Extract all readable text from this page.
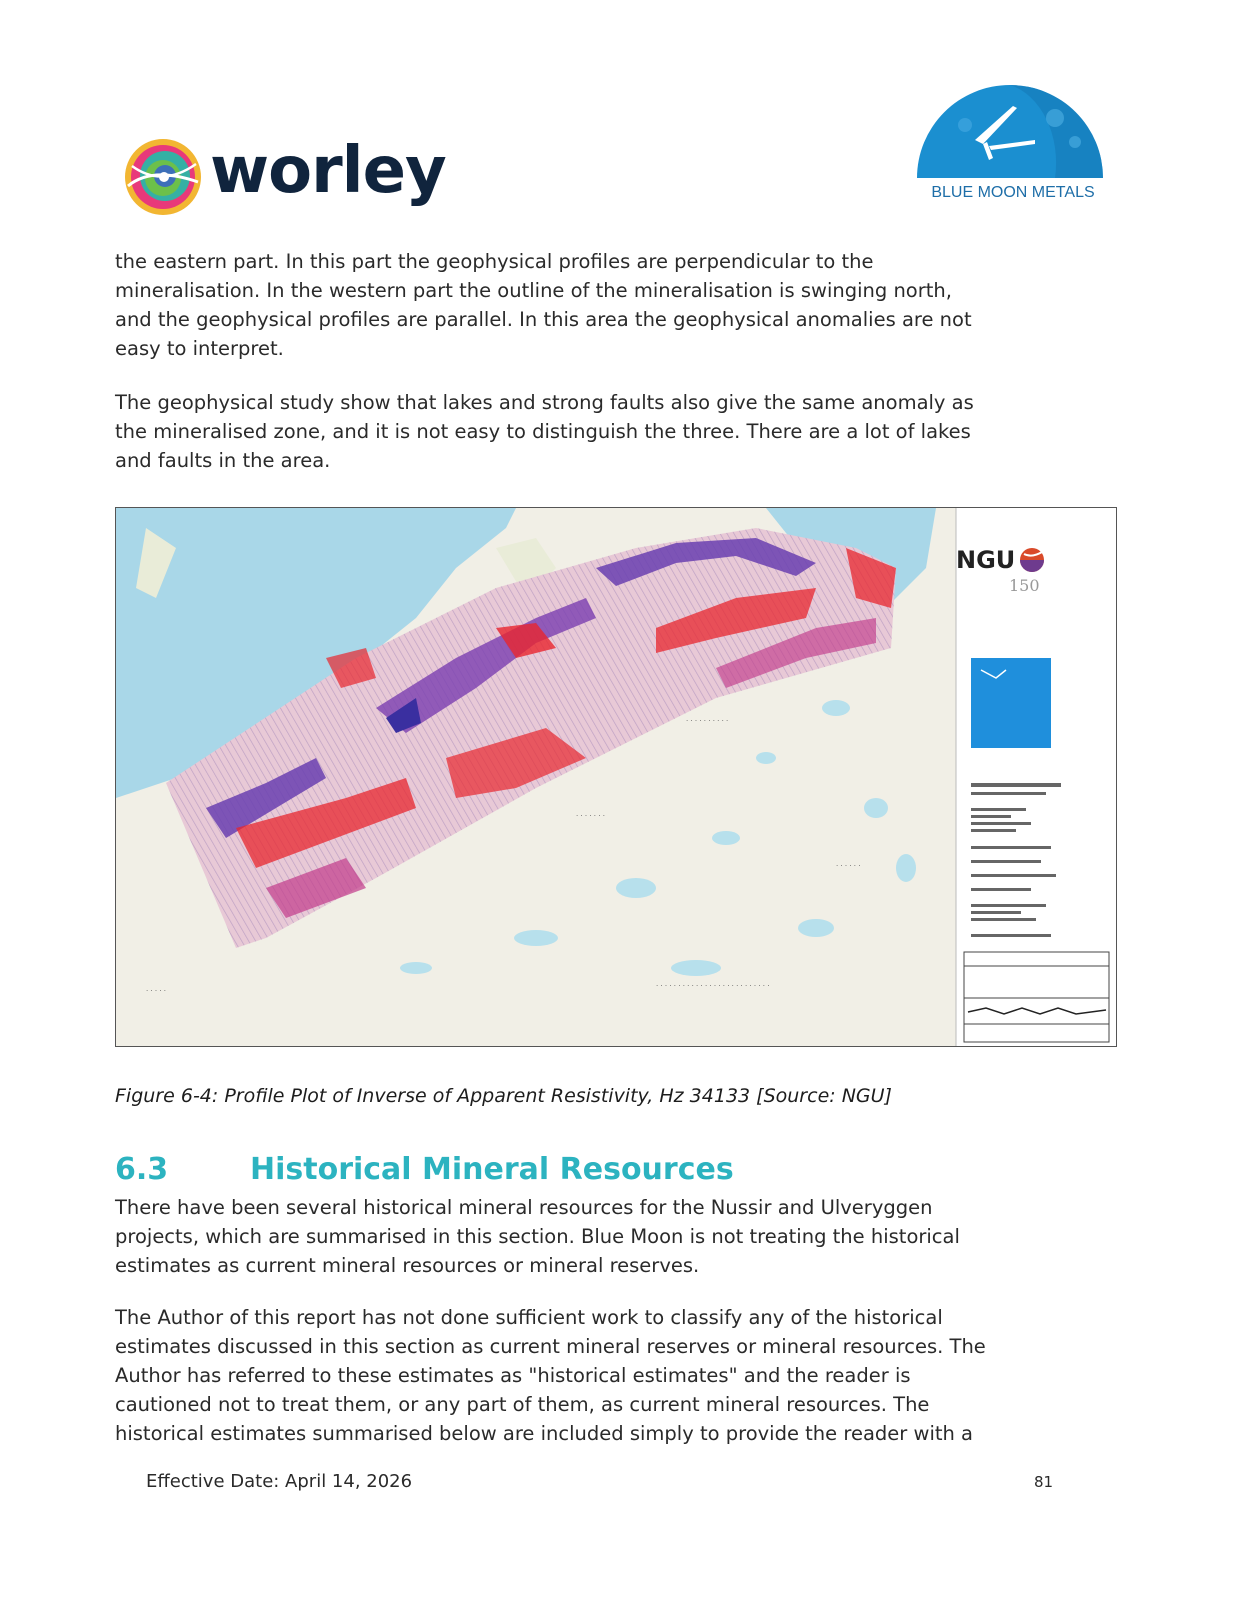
worley	BLUE MOON METALS
the eastern part. In this part the geophysical profiles are perpendicular to the
mineralisation. In the western part the outline of the mineralisation is swinging north,
and the geophysical profiles are parallel. In this area the geophysical anomalies are not
easy to interpret.
The geophysical study show that lakes and strong faults also give the same anomaly as
the mineralised zone, and it is not easy to distinguish the three. There are a lot of lakes
and faults in the area.
· · · · · · · · · ·
· · · · · · ·
· · · · · ·
· · · · ·
· · · · · · · · · · · · · · · · · · · · · · · · · ·
NGU
150
Figure 6-4: Profile Plot of Inverse of Apparent Resistivity, Hz 34133 [Source: NGU]
6.3	Historical Mineral Resources
There have been several historical mineral resources for the Nussir and Ulveryggen
projects, which are summarised in this section. Blue Moon is not treating the historical
estimates as current mineral resources or mineral reserves.
The Author of this report has not done sufficient work to classify any of the historical
estimates discussed in this section as current mineral reserves or mineral resources. The
Author has referred to these estimates as "historical estimates" and the reader is
cautioned not to treat them, or any part of them, as current mineral resources. The
historical estimates summarised below are included simply to provide the reader with a
Effective Date: April 14, 2026	81
